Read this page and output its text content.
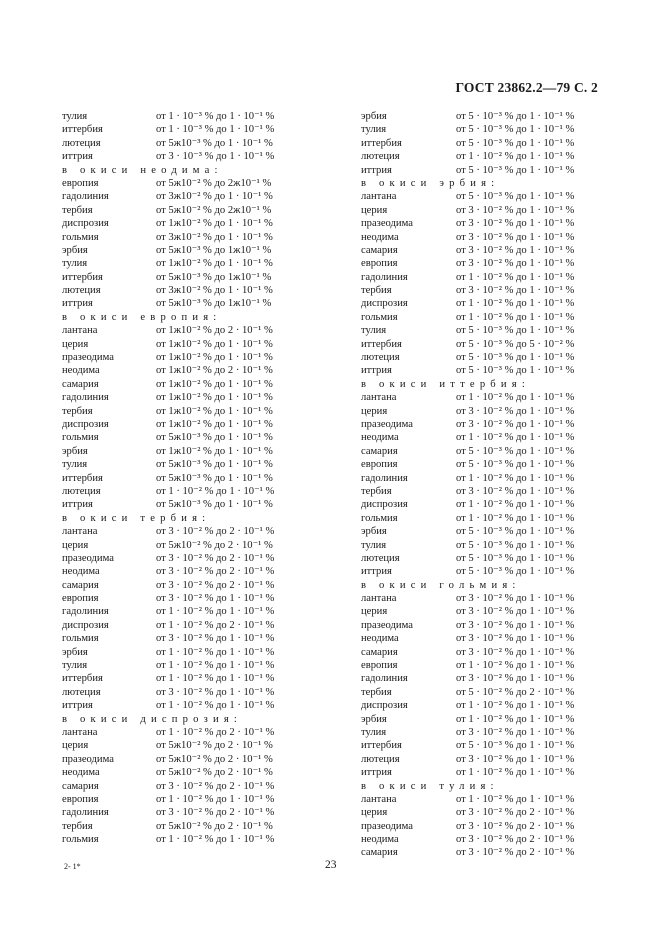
ГОСТ 23862.2—79 С. 2
тулия	от 1 · 10⁻³ % до 1 · 10⁻¹ %
иттербия	от 1 · 10⁻³ % до 1 · 10⁻¹ %
лютеция	от 5ж10⁻³ % до 1 · 10⁻¹ %
иттрия	от 3 · 10⁻³ % до 1 · 10⁻¹ %
в окиси неодима:
европия	от 5ж10⁻² % до 2ж10⁻¹ %
гадолиния	от 3ж10⁻² % до 1 · 10⁻¹ %
тербия	от 5ж10⁻² % до 2ж10⁻¹ %
диспрозия	от 1ж10⁻² % до 1 · 10⁻¹ %
гольмия	от 3ж10⁻² % до 1 · 10⁻¹ %
эрбия	от 5ж10⁻³ % до 1ж10⁻¹ %
тулия	от 1ж10⁻² % до 1 · 10⁻¹ %
иттербия	от 5ж10⁻³ % до 1ж10⁻¹ %
лютеция	от 3ж10⁻² % до 1 · 10⁻¹ %
иттрия	от 5ж10⁻³ % до 1ж10⁻¹ %
в окиси европия:
лантана	от 1ж10⁻² % до 2 · 10⁻¹ %
церия	от 1ж10⁻² % до 1 · 10⁻¹ %
празеодима	от 1ж10⁻² % до 1 · 10⁻¹ %
неодима	от 1ж10⁻² % до 2 · 10⁻¹ %
самария	от 1ж10⁻² % до 1 · 10⁻¹ %
гадолиния	от 1ж10⁻² % до 1 · 10⁻¹ %
тербия	от 1ж10⁻² % до 1 · 10⁻¹ %
диспрозия	от 1ж10⁻² % до 1 · 10⁻¹ %
гольмия	от 5ж10⁻³ % до 1 · 10⁻¹ %
эрбия	от 1ж10⁻² % до 1 · 10⁻¹ %
тулия	от 5ж10⁻³ % до 1 · 10⁻¹ %
иттербия	от 5ж10⁻³ % до 1 · 10⁻¹ %
лютеция	от 1 · 10⁻² % до 1 · 10⁻¹ %
иттрия	от 5ж10⁻³ % до 1 · 10⁻¹ %
в окиси тербия:
лантана	от 3 · 10⁻² % до 2 · 10⁻¹ %
церия	от 5ж10⁻² % до 2 · 10⁻¹ %
празеодима	от 3 · 10⁻² % до 2 · 10⁻¹ %
неодима	от 3 · 10⁻² % до 2 · 10⁻¹ %
самария	от 3 · 10⁻² % до 2 · 10⁻¹ %
европия	от 3 · 10⁻² % до 1 · 10⁻¹ %
гадолиния	от 1 · 10⁻² % до 1 · 10⁻¹ %
диспрозия	от 1 · 10⁻² % до 2 · 10⁻¹ %
гольмия	от 3 · 10⁻² % до 1 · 10⁻¹ %
эрбия	от 1 · 10⁻² % до 1 · 10⁻¹ %
тулия	от 1 · 10⁻² % до 1 · 10⁻¹ %
иттербия	от 1 · 10⁻² % до 1 · 10⁻¹ %
лютеция	от 3 · 10⁻² % до 1 · 10⁻¹ %
иттрия	от 1 · 10⁻² % до 1 · 10⁻¹ %
в окиси диспрозия:
лантана	от 1 · 10⁻² % до 2 · 10⁻¹ %
церия	от 5ж10⁻² % до 2 · 10⁻¹ %
празеодима	от 5ж10⁻² % до 2 · 10⁻¹ %
неодима	от 5ж10⁻² % до 2 · 10⁻¹ %
самария	от 3 · 10⁻² % до 2 · 10⁻¹ %
европия	от 1 · 10⁻² % до 1 · 10⁻¹ %
гадолиния	от 3 · 10⁻² % до 2 · 10⁻¹ %
тербия	от 5ж10⁻² % до 2 · 10⁻¹ %
гольмия	от 1 · 10⁻² % до 1 · 10⁻¹ %
эрбия	от 5 · 10⁻³ % до 1 · 10⁻¹ %
тулия	от 5 · 10⁻³ % до 1 · 10⁻¹ %
иттербия	от 5 · 10⁻³ % до 1 · 10⁻¹ %
лютеция	от 1 · 10⁻² % до 1 · 10⁻¹ %
иттрия	от 5 · 10⁻³ % до 1 · 10⁻¹ %
в окиси эрбия:
лантана	от 5 · 10⁻³ % до 1 · 10⁻¹ %
церия	от 3 · 10⁻² % до 1 · 10⁻¹ %
празеодима	от 3 · 10⁻² % до 1 · 10⁻¹ %
неодима	от 3 · 10⁻² % до 1 · 10⁻¹ %
самария	от 3 · 10⁻² % до 1 · 10⁻¹ %
европия	от 3 · 10⁻² % до 1 · 10⁻¹ %
гадолиния	от 1 · 10⁻² % до 1 · 10⁻¹ %
тербия	от 3 · 10⁻² % до 1 · 10⁻¹ %
диспрозия	от 1 · 10⁻² % до 1 · 10⁻¹ %
гольмия	от 1 · 10⁻² % до 1 · 10⁻¹ %
тулия	от 5 · 10⁻³ % до 1 · 10⁻¹ %
иттербия	от 5 · 10⁻³ % до 5 · 10⁻² %
лютеция	от 5 · 10⁻³ % до 1 · 10⁻¹ %
иттрия	от 5 · 10⁻³ % до 1 · 10⁻¹ %
в окиси иттербия:
лантана	от 1 · 10⁻² % до 1 · 10⁻¹ %
церия	от 3 · 10⁻² % до 1 · 10⁻¹ %
празеодима	от 3 · 10⁻² % до 1 · 10⁻¹ %
неодима	от 1 · 10⁻² % до 1 · 10⁻¹ %
самария	от 5 · 10⁻³ % до 1 · 10⁻¹ %
европия	от 5 · 10⁻³ % до 1 · 10⁻¹ %
гадолиния	от 1 · 10⁻² % до 1 · 10⁻¹ %
тербия	от 3 · 10⁻² % до 1 · 10⁻¹ %
диспрозия	от 1 · 10⁻² % до 1 · 10⁻¹ %
гольмия	от 1 · 10⁻² % до 1 · 10⁻¹ %
эрбия	от 5 · 10⁻³ % до 1 · 10⁻¹ %
тулия	от 5 · 10⁻³ % до 1 · 10⁻¹ %
лютеция	от 5 · 10⁻³ % до 1 · 10⁻¹ %
иттрия	от 5 · 10⁻³ % до 1 · 10⁻¹ %
в окиси гольмия:
лантана	от 3 · 10⁻² % до 1 · 10⁻¹ %
церия	от 3 · 10⁻² % до 1 · 10⁻¹ %
празеодима	от 3 · 10⁻² % до 1 · 10⁻¹ %
неодима	от 3 · 10⁻² % до 1 · 10⁻¹ %
самария	от 3 · 10⁻² % до 1 · 10⁻¹ %
европия	от 1 · 10⁻² % до 1 · 10⁻¹ %
гадолиния	от 3 · 10⁻² % до 1 · 10⁻¹ %
тербия	от 5 · 10⁻² % до 2 · 10⁻¹ %
диспрозия	от 1 · 10⁻² % до 1 · 10⁻¹ %
эрбия	от 1 · 10⁻² % до 1 · 10⁻¹ %
тулия	от 3 · 10⁻² % до 1 · 10⁻¹ %
иттербия	от 5 · 10⁻³ % до 1 · 10⁻¹ %
лютеция	от 3 · 10⁻² % до 1 · 10⁻¹ %
иттрия	от 1 · 10⁻² % до 1 · 10⁻¹ %
в окиси тулия:
лантана	от 1 · 10⁻² % до 1 · 10⁻¹ %
церия	от 3 · 10⁻² % до 2 · 10⁻¹ %
празеодима	от 3 · 10⁻² % до 2 · 10⁻¹ %
неодима	от 3 · 10⁻² % до 2 · 10⁻¹ %
самария	от 3 · 10⁻² % до 2 · 10⁻¹ %
2- 1*	23
